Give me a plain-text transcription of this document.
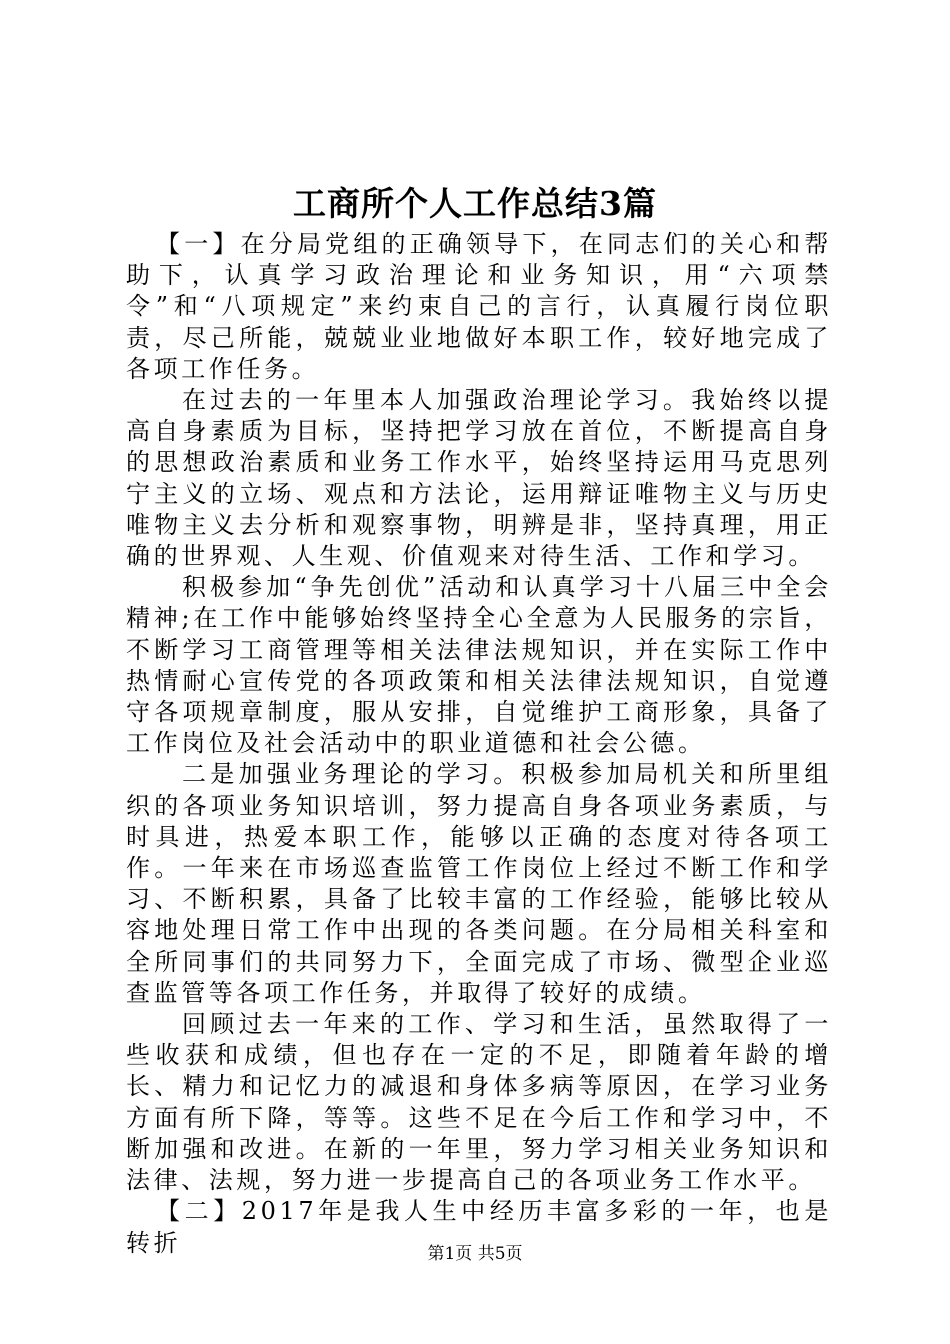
工商所个人工作总结3篇

【一】在分局党组的正确领导下，在同志们的关心和帮助下，认真学习政治理论和业务知识，用“六项禁令”和“八项规定”来约束自己的言行，认真履行岗位职责，尽己所能，兢兢业业地做好本职工作，较好地完成了各项工作任务。

在过去的一年里本人加强政治理论学习。我始终以提高自身素质为目标，坚持把学习放在首位，不断提高自身的思想政治素质和业务工作水平，始终坚持运用马克思列宁主义的立场、观点和方法论，运用辩证唯物主义与历史唯物主义去分析和观察事物，明辨是非，坚持真理，用正确的世界观、人生观、价值观来对待生活、工作和学习。

积极参加“争先创优”活动和认真学习十八届三中全会精神;在工作中能够始终坚持全心全意为人民服务的宗旨，不断学习工商管理等相关法律法规知识，并在实际工作中热情耐心宣传党的各项政策和相关法律法规知识，自觉遵守各项规章制度，服从安排，自觉维护工商形象，具备了工作岗位及社会活动中的职业道德和社会公德。

二是加强业务理论的学习。积极参加局机关和所里组织的各项业务知识培训，努力提高自身各项业务素质，与时具进，热爱本职工作，能够以正确的态度对待各项工作。一年来在市场巡查监管工作岗位上经过不断工作和学习、不断积累，具备了比较丰富的工作经验，能够比较从容地处理日常工作中出现的各类问题。在分局相关科室和全所同事们的共同努力下，全面完成了市场、微型企业巡查监管等各项工作任务，并取得了较好的成绩。

回顾过去一年来的工作、学习和生活，虽然取得了一些收获和成绩，但也存在一定的不足，即随着年龄的增长、精力和记忆力的减退和身体多病等原因，在学习业务方面有所下降，等等。这些不足在今后工作和学习中，不断加强和改进。在新的一年里，努力学习相关业务知识和法律、法规，努力进一步提高自己的各项业务工作水平。

【二】2017年是我人生中经历丰富多彩的一年，也是转折	第1页 共5页
